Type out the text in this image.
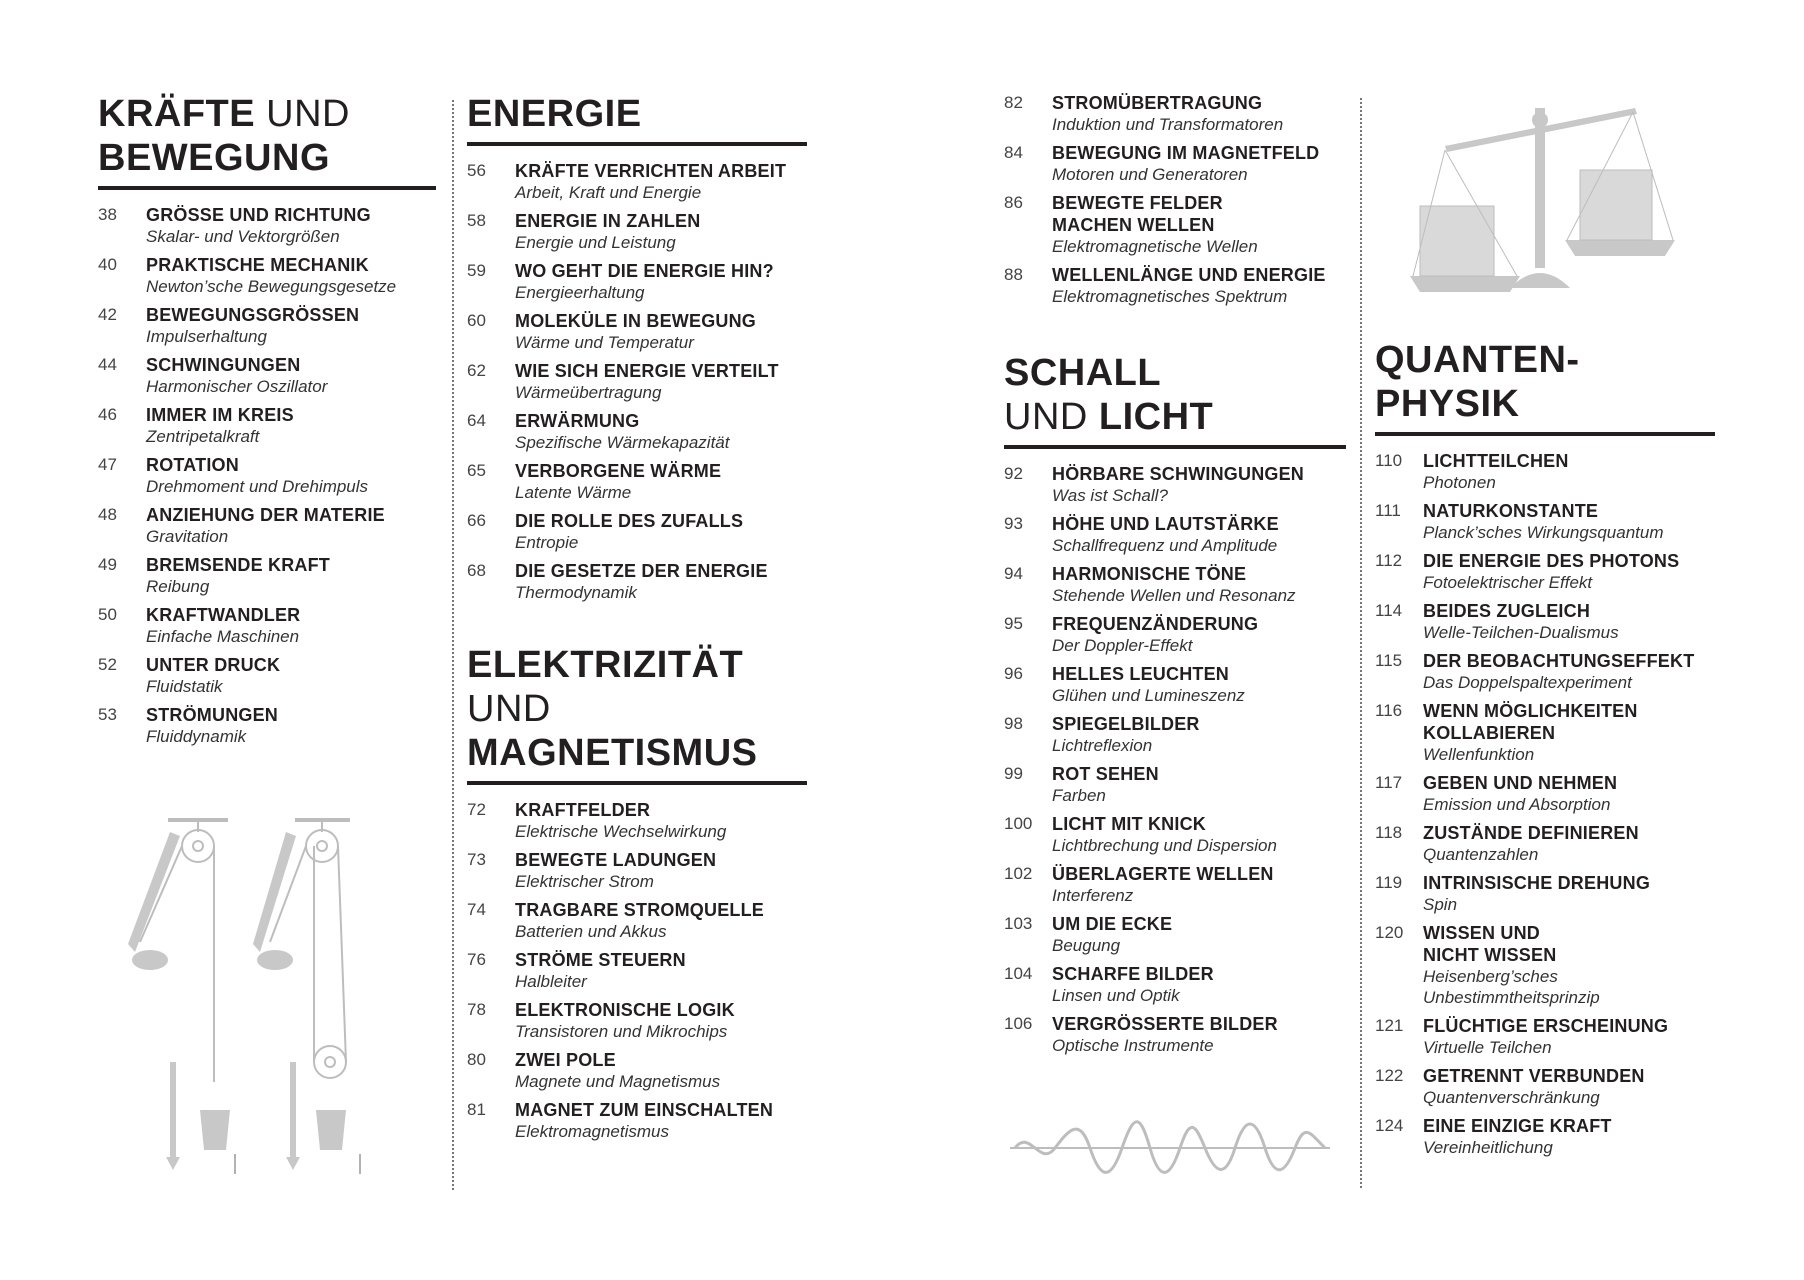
KRÄFTE UND
BEWEGUNG
38 GRÖSSE UND RICHTUNG
Skalar- und Vektorgrößen
40 PRAKTISCHE MECHANIK
Newton’sche Bewegungsgesetze
42 BEWEGUNGSGRÖSSEN
Impulserhaltung
44 SCHWINGUNGEN
Harmonischer Oszillator
46 IMMER IM KREIS
Zentripetalkraft
47 ROTATION
Drehmoment und Drehimpuls
48 ANZIEHUNG DER MATERIE
Gravitation
49 BREMSENDE KRAFT
Reibung
50 KRAFTWANDLER
Einfache Maschinen
52 UNTER DRUCK
Fluidstatik
53 STRÖMUNGEN
Fluiddynamik
ENERGIE
56 KRÄFTE VERRICHTEN ARBEIT
Arbeit, Kraft und Energie
58 ENERGIE IN ZAHLEN
Energie und Leistung
59 WO GEHT DIE ENERGIE HIN?
Energieerhaltung
60 MOLEKÜLE IN BEWEGUNG
Wärme und Temperatur
62 WIE SICH ENERGIE VERTEILT
Wärmeübertragung
64 ERWÄRMUNG
Spezifische Wärmekapazität
65 VERBORGENE WÄRME
Latente Wärme
66 DIE ROLLE DES ZUFALLS
Entropie
68 DIE GESETZE DER ENERGIE
Thermodynamik
ELEKTRIZITÄT
UND
MAGNETISMUS
72 KRAFTFELDER
Elektrische Wechselwirkung
73 BEWEGTE LADUNGEN
Elektrischer Strom
74 TRAGBARE STROMQUELLE
Batterien und Akkus
76 STRÖME STEUERN
Halbleiter
78 ELEKTRONISCHE LOGIK
Transistoren und Mikrochips
80 ZWEI POLE
Magnete und Magnetismus
81 MAGNET ZUM EINSCHALTEN
Elektromagnetismus
82 STROMÜBERTRAGUNG
Induktion und Transformatoren
84 BEWEGUNG IM MAGNETFELD
Motoren und Generatoren
86 BEWEGTE FELDER
MACHEN WELLEN
Elektromagnetische Wellen
88 WELLENLÄNGE UND ENERGIE
Elektromagnetisches Spektrum
SCHALL
UND LICHT
92 HÖRBARE SCHWINGUNGEN
Was ist Schall?
93 HÖHE UND LAUTSTÄRKE
Schallfrequenz und Amplitude
94 HARMONISCHE TÖNE
Stehende Wellen und Resonanz
95 FREQUENZÄNDERUNG
Der Doppler-Effekt
96 HELLES LEUCHTEN
Glühen und Lumineszenz
98 SPIEGELBILDER
Lichtreflexion
99 ROT SEHEN
Farben
100 LICHT MIT KNICK
Lichtbrechung und Dispersion
102 ÜBERLAGERTE WELLEN
Interferenz
103 UM DIE ECKE
Beugung
104 SCHARFE BILDER
Linsen und Optik
106 VERGRÖSSERTE BILDER
Optische Instrumente
QUANTEN-
PHYSIK
110 LICHTTEILCHEN
Photonen
111 NATURKONSTANTE
Planck’sches Wirkungsquantum
112 DIE ENERGIE DES PHOTONS
Fotoelektrischer Effekt
114 BEIDES ZUGLEICH
Welle-Teilchen-Dualismus
115 DER BEOBACHTUNGSEFFEKT
Das Doppelspaltexperiment
116 WENN MÖGLICHKEITEN
KOLLABIEREN
Wellenfunktion
117 GEBEN UND NEHMEN
Emission und Absorption
118 ZUSTÄNDE DEFINIEREN
Quantenzahlen
119 INTRINSISCHE DREHUNG
Spin
120 WISSEN UND
NICHT WISSEN
Heisenberg’sches
Unbestimmtheitsprinzip
121 FLÜCHTIGE ERSCHEINUNG
Virtuelle Teilchen
122 GETRENNT VERBUNDEN
Quantenverschränkung
124 EINE EINZIGE KRAFT
Vereinheitlichung
